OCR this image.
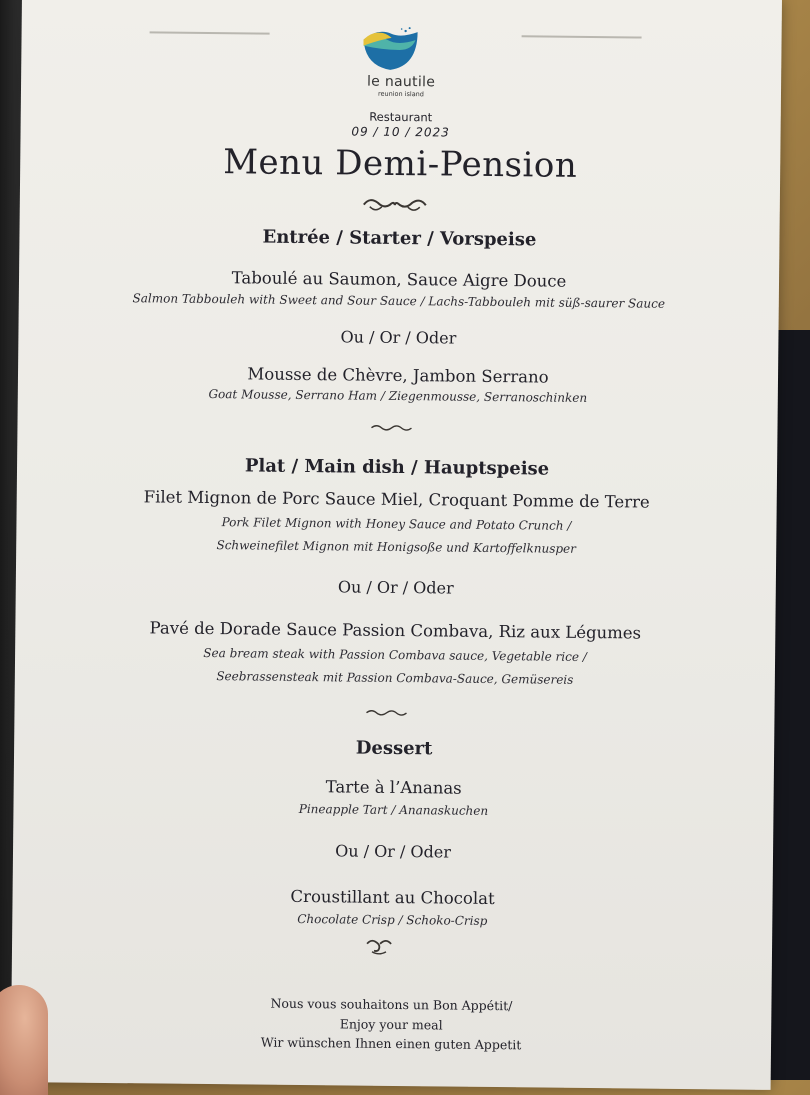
le nautile
reunion island
Restaurant
09 / 10 / 2023
Menu Demi-Pension
Entrée / Starter / Vorspeise
Taboulé au Saumon, Sauce Aigre Douce
Salmon Tabbouleh with Sweet and Sour Sauce / Lachs-Tabbouleh mit süß-saurer Sauce
Ou / Or / Oder
Mousse de Chèvre, Jambon Serrano
Goat Mousse, Serrano Ham / Ziegenmousse, Serranoschinken
Plat / Main dish / Hauptspeise
Filet Mignon de Porc Sauce Miel, Croquant Pomme de Terre
Pork Filet Mignon with Honey Sauce and Potato Crunch /
Schweinefilet Mignon mit Honigsoße und Kartoffelknusper
Ou / Or / Oder
Pavé de Dorade Sauce Passion Combava, Riz aux Légumes
Sea bream steak with Passion Combava sauce, Vegetable rice /
Seebrassensteak mit Passion Combava-Sauce, Gemüsereis
Dessert
Tarte à l’Ananas
Pineapple Tart / Ananaskuchen
Ou / Or / Oder
Croustillant au Chocolat
Chocolate Crisp / Schoko-Crisp
Nous vous souhaitons un Bon Appétit/
Enjoy your meal
Wir wünschen Ihnen einen guten Appetit
